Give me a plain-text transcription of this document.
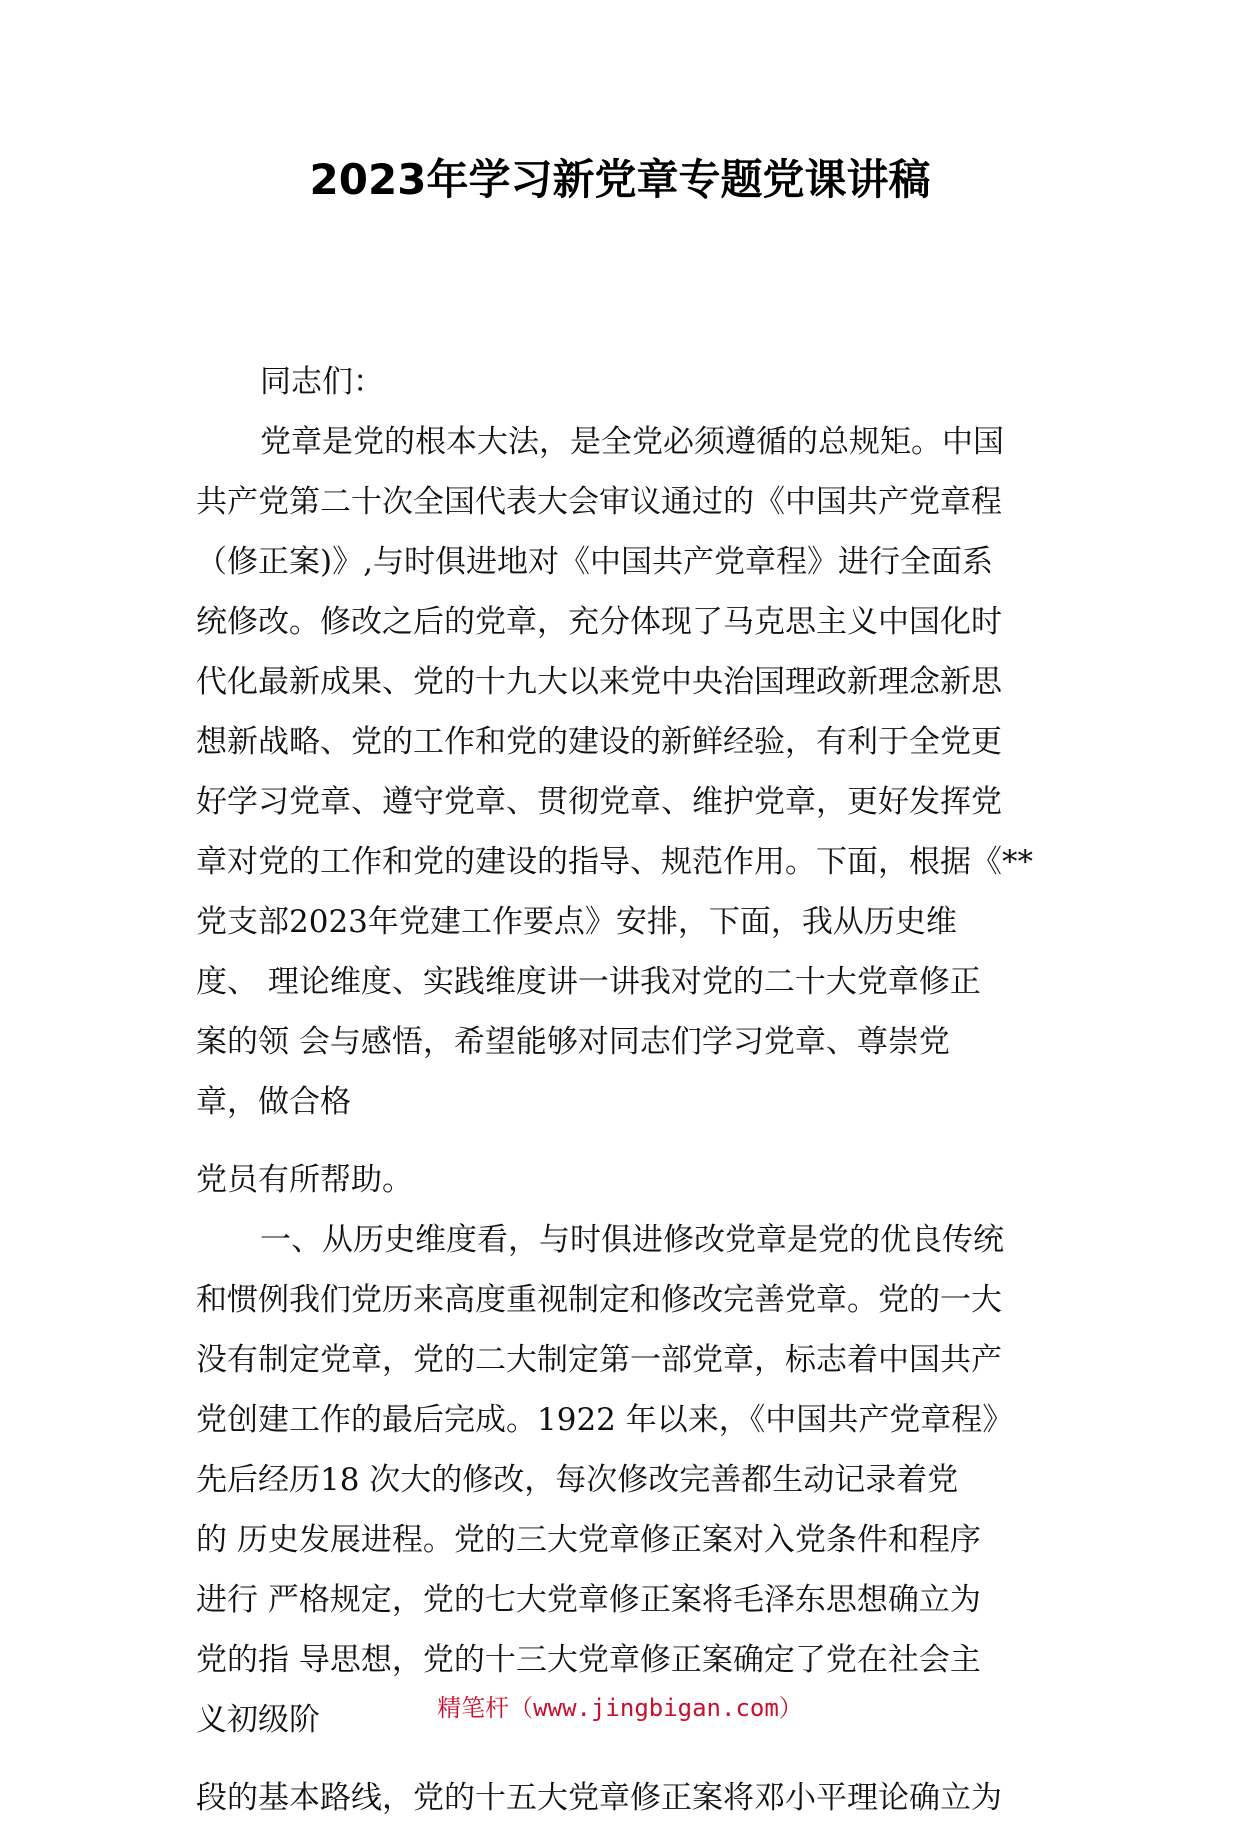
2023年学习新党章专题党课讲稿
同志们：
党章是党的根本大法，是全党必须遵循的总规矩。中国
共产党第二十次全国代表大会审议通过的《中国共产党章程
（修正案)》,与时俱进地对《中国共产党章程》进行全面系
统修改。修改之后的党章，充分体现了马克思主义中国化时
代化最新成果、党的十九大以来党中央治国理政新理念新思
想新战略、党的工作和党的建设的新鲜经验，有利于全党更
好学习党章、遵守党章、贯彻党章、维护党章，更好发挥党
章对党的工作和党的建设的指导、规范作用。下面，根据《**
党支部2023年党建工作要点》安排，下面，我从历史维
度、 理论维度、实践维度讲一讲我对党的二十大党章修正
案的领 会与感悟，希望能够对同志们学习党章、尊崇党
章，做合格
党员有所帮助。
一、从历史维度看，与时俱进修改党章是党的优良传统
和惯例我们党历来高度重视制定和修改完善党章。党的一大
没有制定党章，党的二大制定第一部党章，标志着中国共产
党创建工作的最后完成。1922 年以来，《中国共产党章程》
先后经历18 次大的修改，每次修改完善都生动记录着党
的 历史发展进程。党的三大党章修正案对入党条件和程序
进行 严格规定，党的七大党章修正案将毛泽东思想确立为
党的指 导思想，党的十三大党章修正案确定了党在社会主
义初级阶
段的基本路线，党的十五大党章修正案将邓小平理论确立为
精笔杆（www.jingbigan.com）
